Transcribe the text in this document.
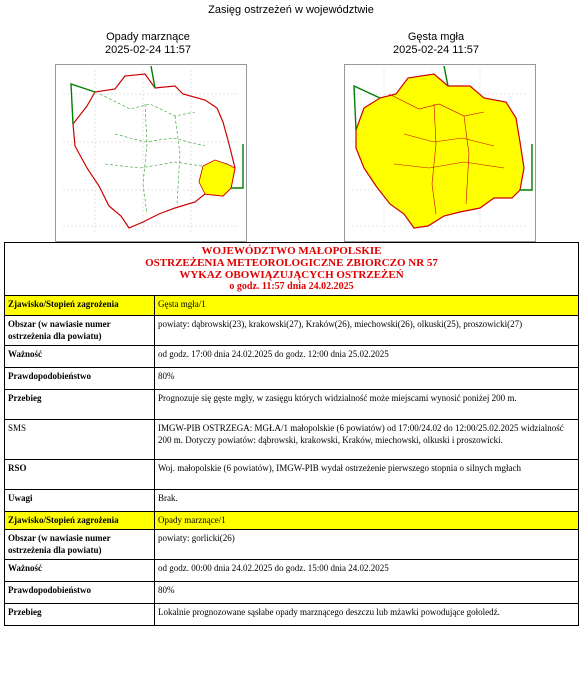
Zasięg ostrzeżeń w województwie
Opady marznące
2025-02-24 11:57
Gęsta mgła
2025-02-24 11:57
WOJEWÓDZTWO MAŁOPOLSKIE
OSTRZEŻENIA METEOROLOGICZNE ZBIORCZO NR 57
WYKAZ OBOWIĄZUJĄCYCH OSTRZEŻEŃ
o godz. 11:57 dnia 24.02.2025	

Zjawisko/Stopień zagrożenia	Gęsta mgła/1
Obszar (w nawiasie numer ostrzeżenia dla powiatu)	powiaty: dąbrowski(23), krakowski(27), Kraków(26), miechowski(26), olkuski(25), proszowicki(27)
Ważność	od godz. 17:00 dnia 24.02.2025 do godz. 12:00 dnia 25.02.2025
Prawdopodobieństwo	80%
Przebieg	Prognozuje się gęste mgły, w zasięgu których widzialność może miejscami wynosić poniżej 200 m.
SMS	IMGW-PIB OSTRZEGA: MGŁA/1 małopolskie (6 powiatów) od 17:00/24.02 do 12:00/25.02.2025 widzialność 200 m. Dotyczy powiatów: dąbrowski, krakowski, Kraków, miechowski, olkuski i proszowicki.
RSO	Woj. małopolskie (6 powiatów), IMGW-PIB wydał ostrzeżenie pierwszego stopnia o silnych mgłach
Uwagi	Brak.
Zjawisko/Stopień zagrożenia	Opady marznące/1
Obszar (w nawiasie numer ostrzeżenia dla powiatu)	powiaty: gorlicki(26)
Ważność	od godz. 00:00 dnia 24.02.2025 do godz. 15:00 dnia 24.02.2025
Prawdopodobieństwo	80%
Przebieg	Lokalnie prognozowane sąsłabe opady marznącego deszczu lub mżawki powodujące gołoledź.
